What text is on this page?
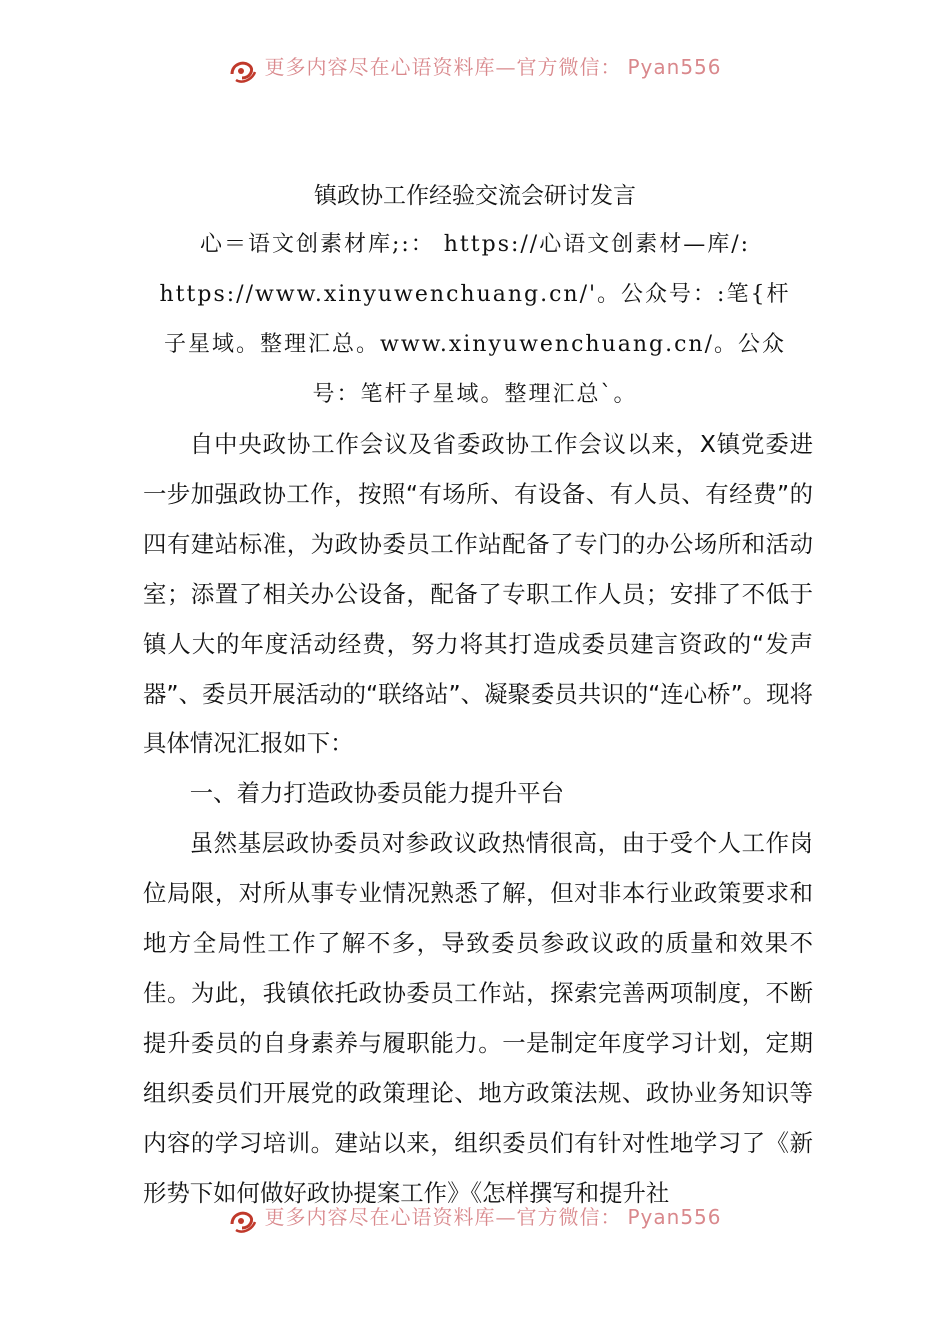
更多内容尽在心语资料库—官方微信： Pyan556
镇政协工作经验交流会研讨发言
心＝语文创素材库;:： https://心语文创素材—库/:
https://www.xinyuwenchuang.cn/'。公众号：:笔{杆
子星域。整理汇总。www.xinyuwenchuang.cn/。公众
号：笔杆子星域。整理汇总`。

自中央政协工作会议及省委政协工作会议以来，X镇党委进一步加强政协工作，按照“有场所、有设备、有人员、有经费”的四有建站标准，为政协委员工作站配备了专门的办公场所和活动室；添置了相关办公设备，配备了专职工作人员；安排了不低于镇人大的年度活动经费，努力将其打造成委员建言资政的“发声器”、委员开展活动的“联络站”、凝聚委员共识的“连心桥”。现将具体情况汇报如下：

一、着力打造政协委员能力提升平台

虽然基层政协委员对参政议政热情很高，由于受个人工作岗位局限，对所从事专业情况熟悉了解，但对非本行业政策要求和地方全局性工作了解不多，导致委员参政议政的质量和效果不佳。为此，我镇依托政协委员工作站，探索完善两项制度，不断提升委员的自身素养与履职能力。一是制定年度学习计划，定期组织委员们开展党的政策理论、地方政策法规、政协业务知识等内容的学习培训。建站以来，组织委员们有针对性地学习了《新形势下如何做好政协提案工作》《怎样撰写和提升社

更多内容尽在心语资料库—官方微信： Pyan556
